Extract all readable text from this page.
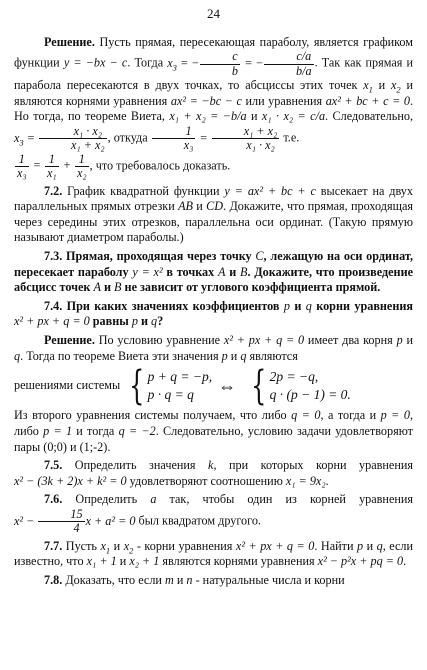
24

Решение. Пусть прямая, пересекающая параболу, является графиком функции y = −bx − c. Тогда $x_3$ = − $\frac{c}{b}$ = − $\frac{c/a}{b/a}$ . Так как прямая и парабола пересекаются в двух точках, то абсциссы этих точек $x_1$ и $x_2$ и являются корнями уравнения ax² = −bc − c или уравнения ax² + bc + c = 0. Но тогда, по теореме Виета, x₁ + x₂ = −b/a и x₁ · x₂ = c/a. Следовательно, $x_3 = \frac{\text{x₁ · x₂}}{\text{x₁ + x₂}}$ , откуда $\frac{1}{\text{x₃}} = \frac{\text{x₁ + x₂}}{\text{x₁ · x₂}} т.е$.

$\frac{1}{\text{x₃}} = \frac{1}{\text{x₁}} + \frac{1}{\text{x₂}}$ , что требовалось доказать.

7.2. График квадратной функции y = ax² + bc + c высекает на двух параллельных прямых отрезки AB и CD. Докажите, что прямая, проходящая через середины этих отрезков, параллельна оси ординат. (Такую прямую называют диаметром параболы.)

7.3. Прямая, проходящая через точку C, лежащую на оси ординат, пересекает параболу y = x² в точках A и B. Докажите, что произведение абсцисс точек A и B не зависит от углового коэффициента прямой.

7.4. При каких значениях коэффициентов p и q корни уравнения x² + px + q = 0 равны p и q?

Решение. По условию уравнение x² + px + q = 0 имеет два корня p и q. Тогда по теореме Виета эти значения p и q являются

решениями системы { p + q = −p,
p · q = q	⇔ { 2p = −q,
q · (p − 1) = 0.

Из второго уравнения системы получаем, что либо q = 0, а тогда и p = 0, либо p = 1 и тогда q = −2. Следовательно, условию задачи удовлетворяют пары (0;0) и (1;-2).

7.5. Определить значения k, при которых корни уравнения x² − (3k + 2)x + k² = 0 удовлетворяют соотношению x₁ = 9x₂.

7.6. Определить a так, чтобы один из корней уравнения $x^2 - \frac{15}{4}$ x + a² = 0 был квадратом другого.

7.7. Пусть $x_1$ и $x_2$ - корни уравнения x² + px + q = 0. Найти p и q, если известно, что x₁ + 1 и x₂ + 1 являются корнями уравнения x² − p²x + pq = 0.

7.8. Доказать, что если m и n - натуральные числа и корни
